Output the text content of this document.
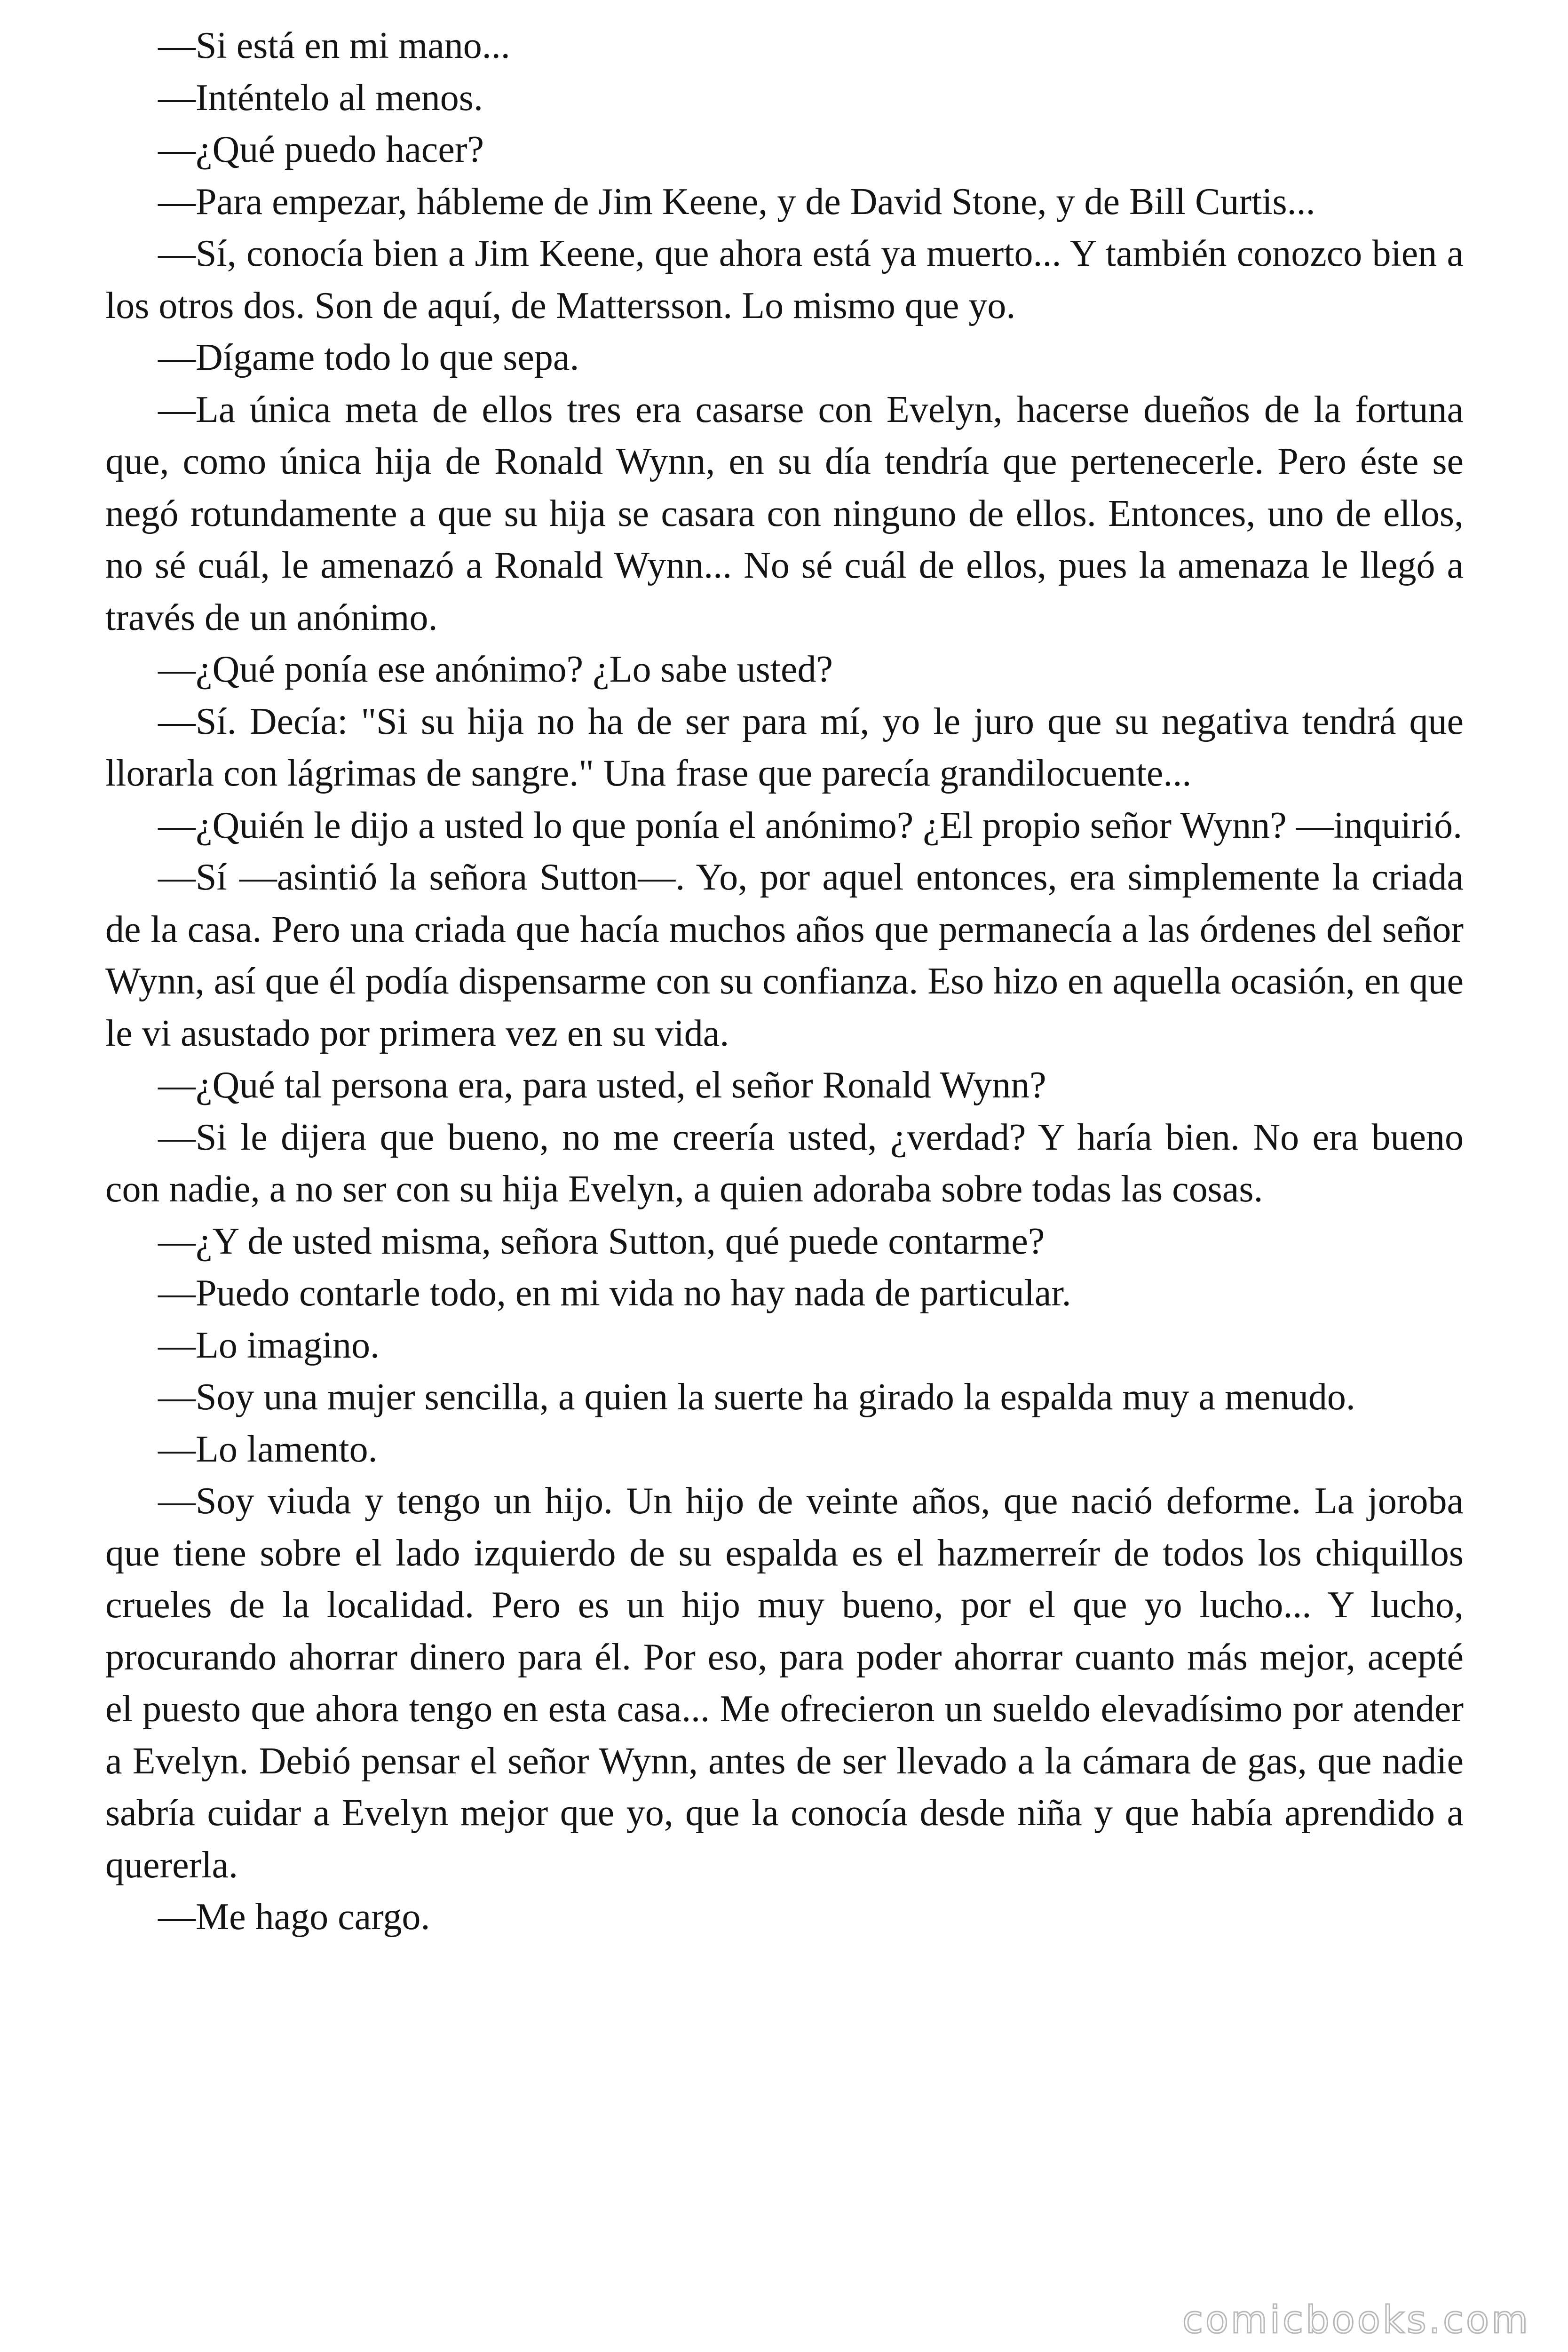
—Si está en mi mano...

—Inténtelo al menos.

—¿Qué puedo hacer?

—Para empezar, hábleme de Jim Keene, y de David Stone, y de Bill Curtis...

—Sí, conocía bien a Jim Keene, que ahora está ya muerto... Y también conozco bien a los otros dos. Son de aquí, de Mattersson. Lo mismo que yo.

—Dígame todo lo que sepa.

—La única meta de ellos tres era casarse con Evelyn, hacerse dueños de la fortuna que, como única hija de Ronald Wynn, en su día tendría que pertenecerle. Pero éste se negó rotundamente a que su hija se casara con ninguno de ellos. Entonces, uno de ellos, no sé cuál, le amenazó a Ronald Wynn... No sé cuál de ellos, pues la amenaza le llegó a través de un anónimo.

—¿Qué ponía ese anónimo? ¿Lo sabe usted?

—Sí. Decía: "Si su hija no ha de ser para mí, yo le juro que su negativa tendrá que llorarla con lágrimas de sangre." Una frase que parecía grandilocuente...

—¿Quién le dijo a usted lo que ponía el anónimo? ¿El propio señor Wynn? —inquirió.

—Sí —asintió la señora Sutton—. Yo, por aquel entonces, era simplemente la criada de la casa. Pero una criada que hacía muchos años que permanecía a las órdenes del señor Wynn, así que él podía dispensarme con su confianza. Eso hizo en aquella ocasión, en que le vi asustado por primera vez en su vida.

—¿Qué tal persona era, para usted, el señor Ronald Wynn?

—Si le dijera que bueno, no me creería usted, ¿verdad? Y haría bien. No era bueno con nadie, a no ser con su hija Evelyn, a quien adoraba sobre todas las cosas.

—¿Y de usted misma, señora Sutton, qué puede contarme?

—Puedo contarle todo, en mi vida no hay nada de particular.

—Lo imagino.

—Soy una mujer sencilla, a quien la suerte ha girado la espalda muy a menudo.

—Lo lamento.

—Soy viuda y tengo un hijo. Un hijo de veinte años, que nació deforme. La joroba que tiene sobre el lado izquierdo de su espalda es el hazmerreír de todos los chiquillos crueles de la localidad. Pero es un hijo muy bueno, por el que yo lucho... Y lucho, procurando ahorrar dinero para él. Por eso, para poder ahorrar cuanto más mejor, acepté el puesto que ahora tengo en esta casa... Me ofrecieron un sueldo elevadísimo por atender a Evelyn. Debió pensar el señor Wynn, antes de ser llevado a la cámara de gas, que nadie sabría cuidar a Evelyn mejor que yo, que la conocía desde niña y que había aprendido a quererla.

—Me hago cargo.

comicbooks.com
